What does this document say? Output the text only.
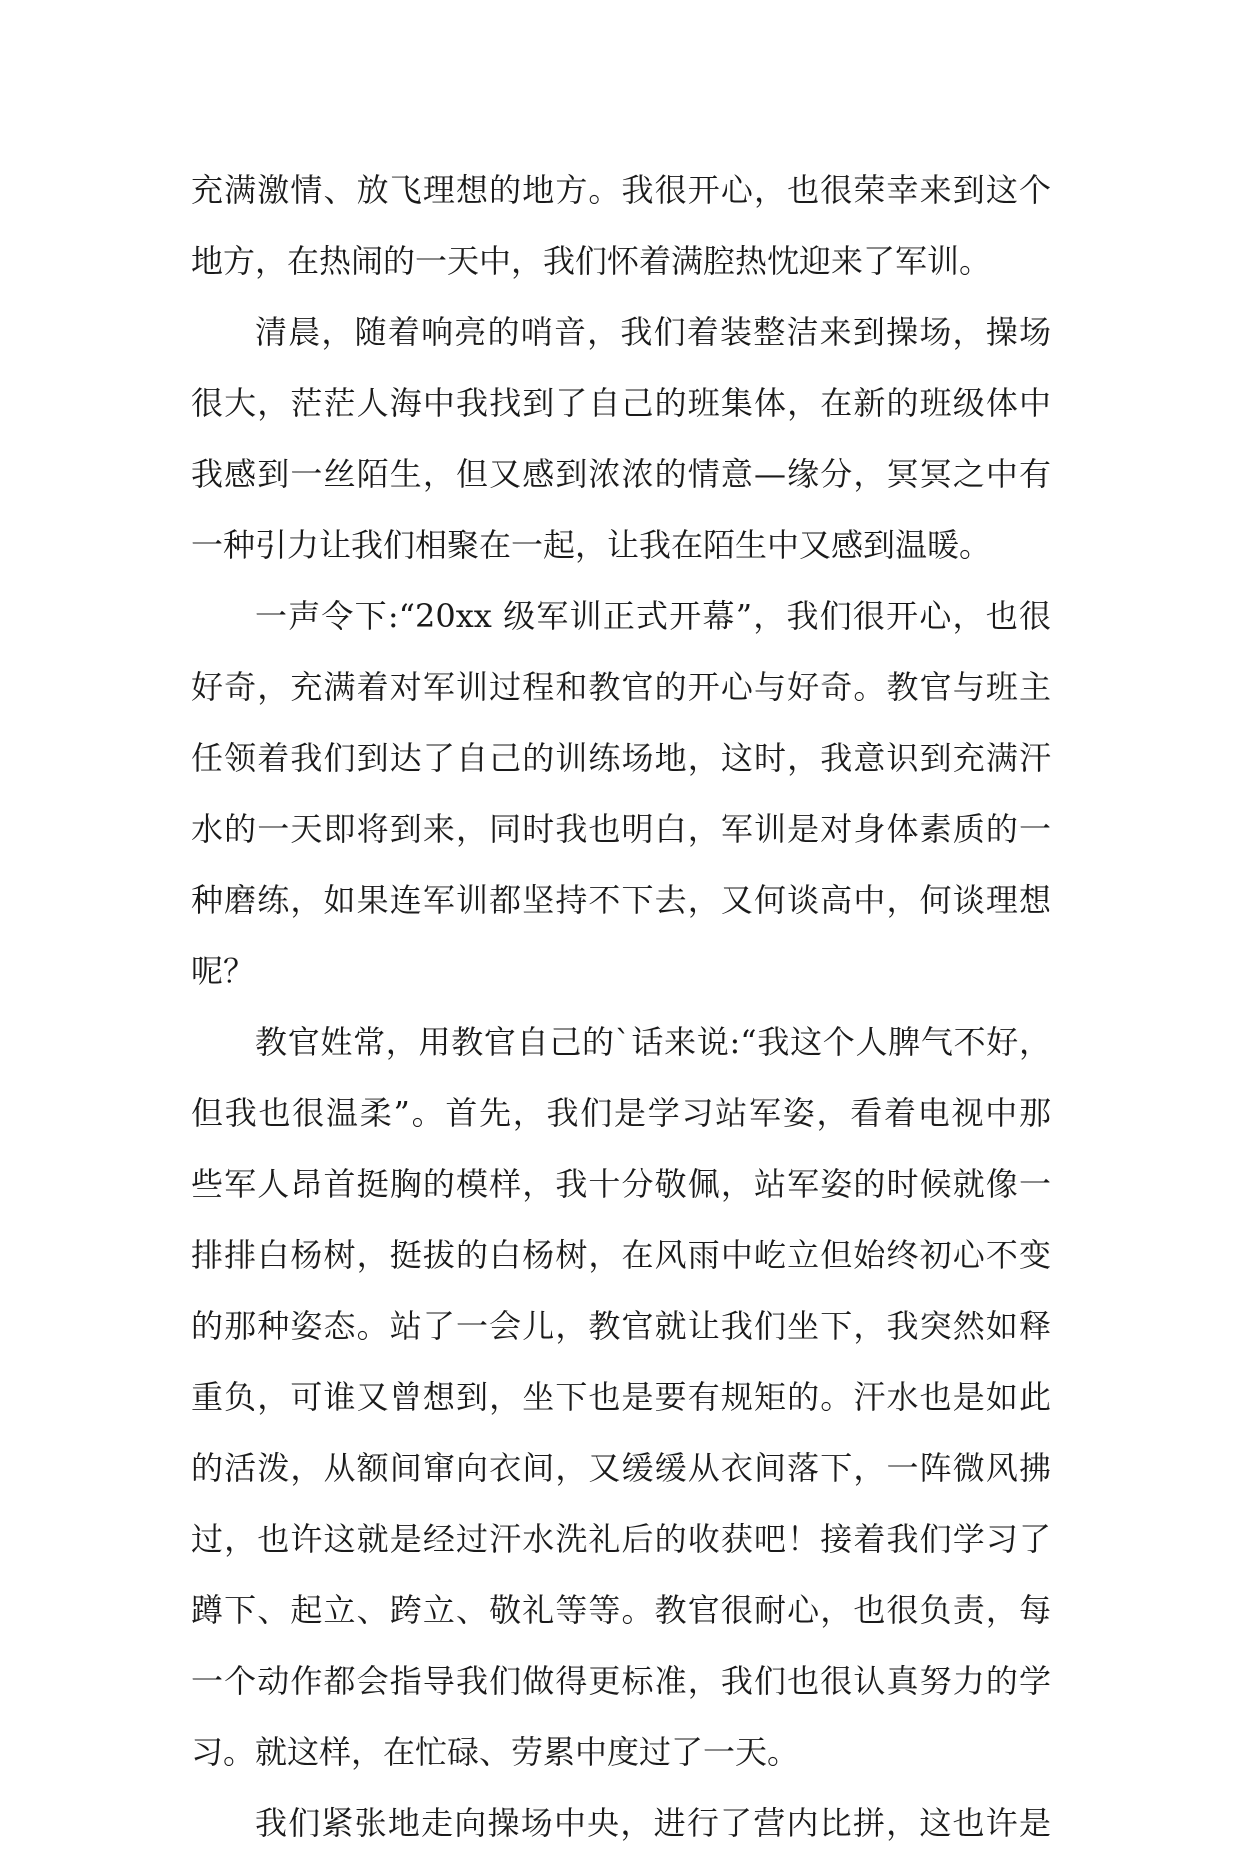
充满激情、放飞理想的地方。我很开心，也很荣幸来到这个
地方，在热闹的一天中，我们怀着满腔热忱迎来了军训。
清晨，随着响亮的哨音，我们着装整洁来到操场，操场
很大，茫茫人海中我找到了自己的班集体，在新的班级体中
我感到一丝陌生，但又感到浓浓的情意—缘分，冥冥之中有
一种引力让我们相聚在一起，让我在陌生中又感到温暖。
一声令下:“20xx 级军训正式开幕”，我们很开心，也很
好奇，充满着对军训过程和教官的开心与好奇。教官与班主
任领着我们到达了自己的训练场地，这时，我意识到充满汗
水的一天即将到来，同时我也明白，军训是对身体素质的一
种磨练，如果连军训都坚持不下去，又何谈高中，何谈理想
呢？
教官姓常，用教官自己的`话来说:“我这个人脾气不好，
但我也很温柔”。首先，我们是学习站军姿，看着电视中那
些军人昂首挺胸的模样，我十分敬佩，站军姿的时候就像一
排排白杨树，挺拔的白杨树，在风雨中屹立但始终初心不变
的那种姿态。站了一会儿，教官就让我们坐下，我突然如释
重负，可谁又曾想到，坐下也是要有规矩的。汗水也是如此
的活泼，从额间窜向衣间，又缓缓从衣间落下，一阵微风拂
过，也许这就是经过汗水洗礼后的收获吧！接着我们学习了
蹲下、起立、跨立、敬礼等等。教官很耐心，也很负责，每
一个动作都会指导我们做得更标准，我们也很认真努力的学
习。就这样，在忙碌、劳累中度过了一天。
我们紧张地走向操场中央，进行了营内比拼，这也许是
